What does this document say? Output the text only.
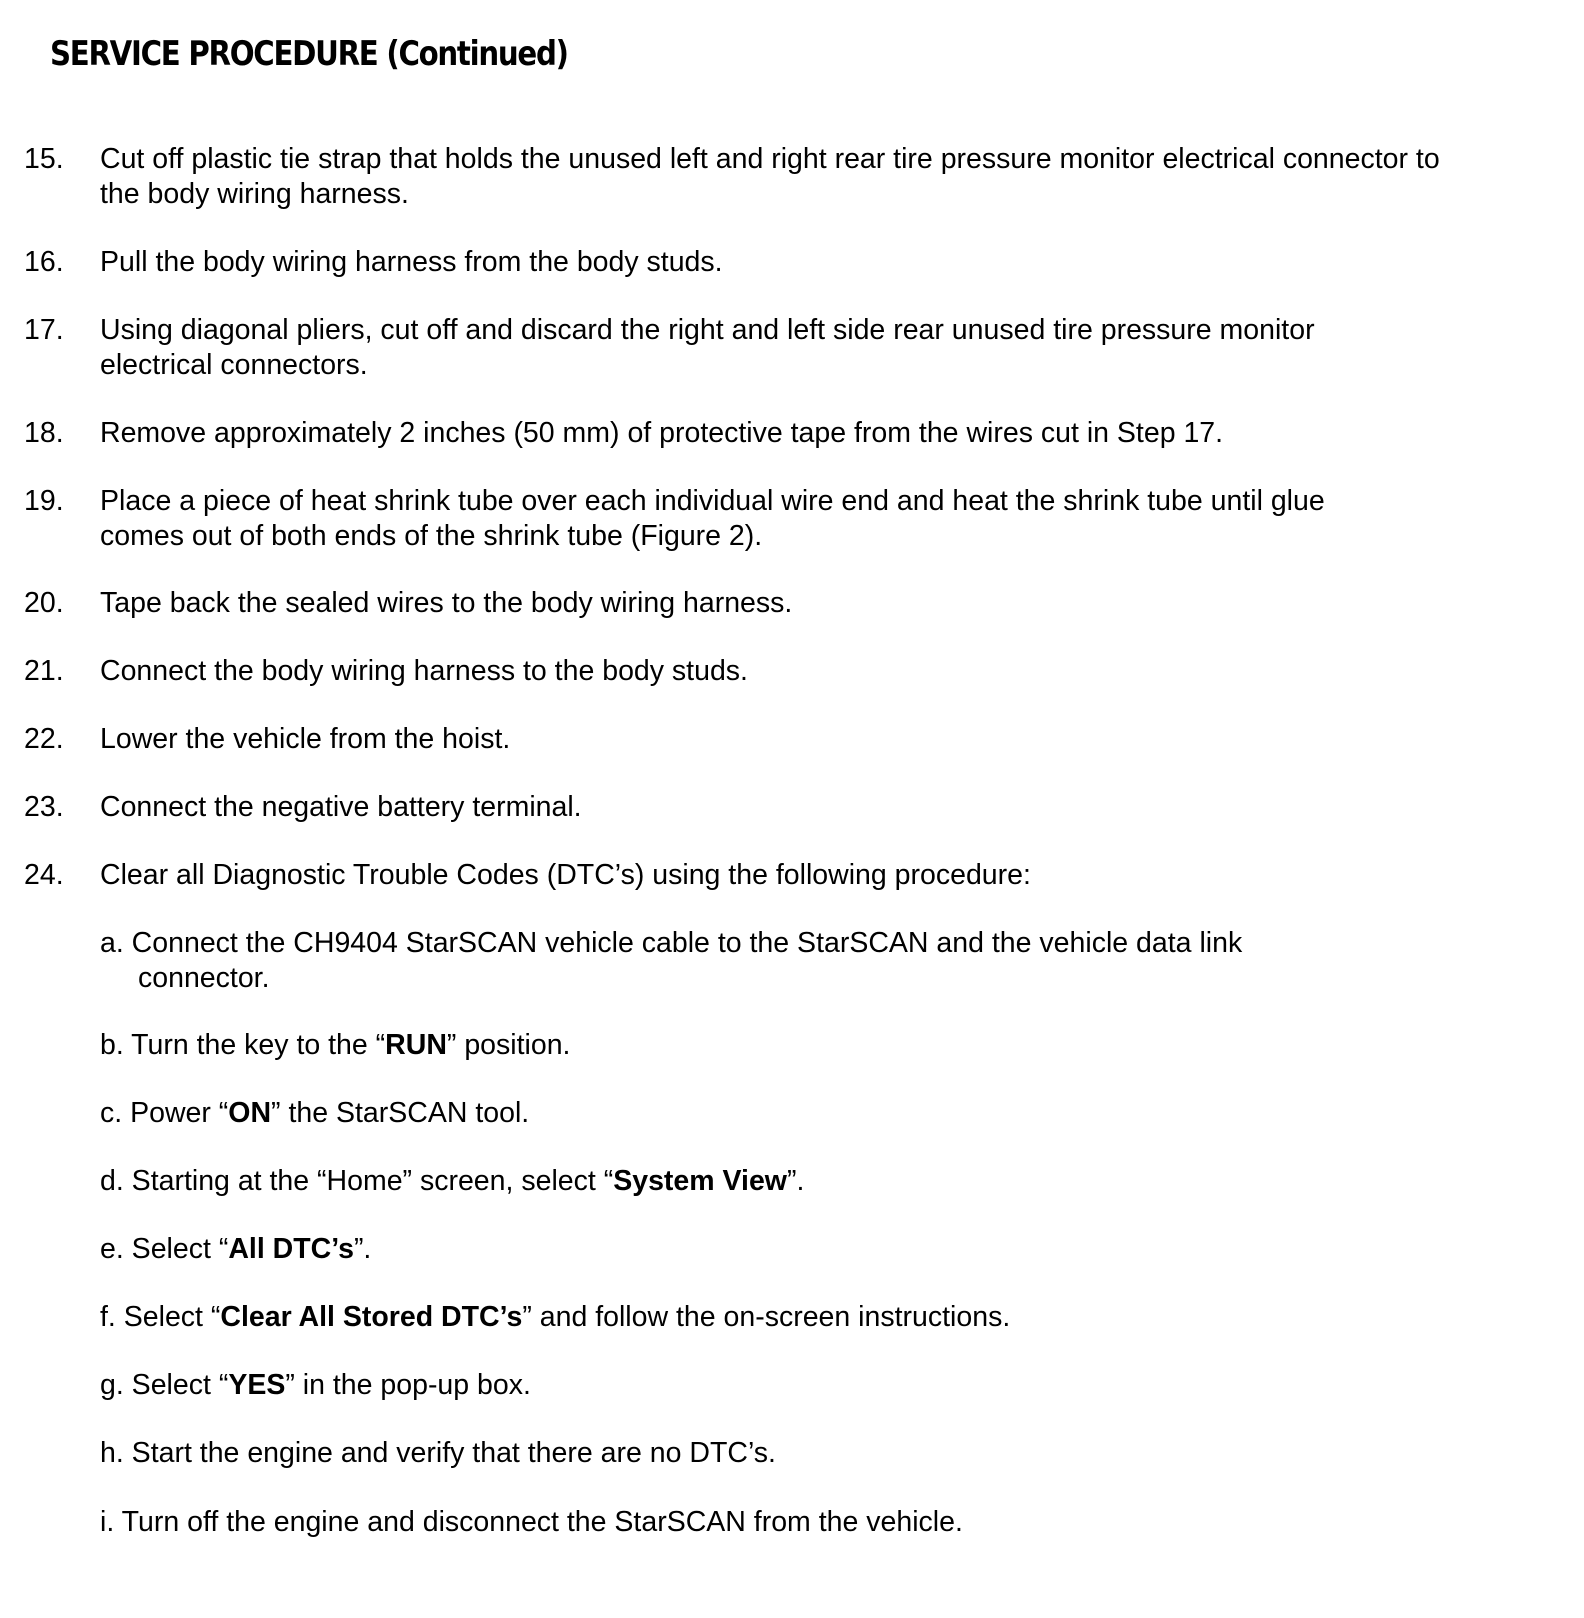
SERVICE PROCEDURE (Continued)
15. Cut off plastic tie strap that holds the unused left and right rear tire pressure monitor electrical connector to
the body wiring harness.
16. Pull the body wiring harness from the body studs.
17. Using diagonal pliers, cut off and discard the right and left side rear unused tire pressure monitor
electrical connectors.
18. Remove approximately 2 inches (50 mm) of protective tape from the wires cut in Step 17.
19. Place a piece of heat shrink tube over each individual wire end and heat the shrink tube until glue
comes out of both ends of the shrink tube (Figure 2).
20. Tape back the sealed wires to the body wiring harness.
21. Connect the body wiring harness to the body studs.
22. Lower the vehicle from the hoist.
23. Connect the negative battery terminal.
24. Clear all Diagnostic Trouble Codes (DTC’s) using the following procedure:
a. Connect the CH9404 StarSCAN vehicle cable to the StarSCAN and the vehicle data link
connector.
b. Turn the key to the “RUN” position.
c. Power “ON” the StarSCAN tool.
d. Starting at the “Home” screen, select “System View”.
e. Select “All DTC’s”.
f. Select “Clear All Stored DTC’s” and follow the on-screen instructions.
g. Select “YES” in the pop-up box.
h. Start the engine and verify that there are no DTC’s.
i. Turn off the engine and disconnect the StarSCAN from the vehicle.
